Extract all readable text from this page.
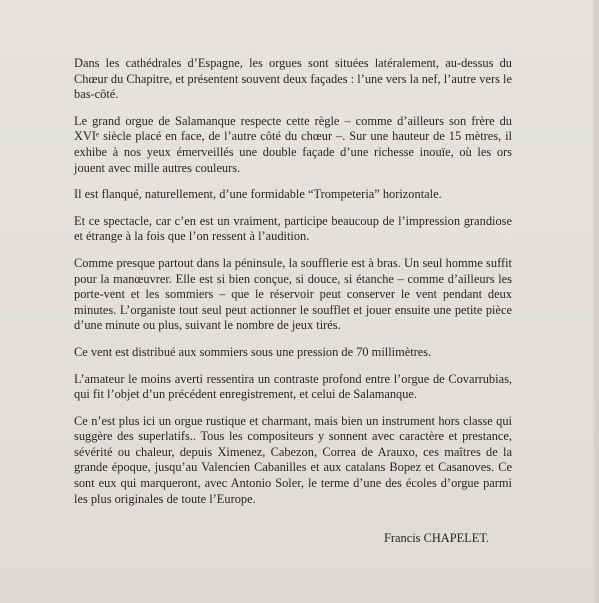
Dans les cathédrales d’Espagne, les orgues sont situées latéralement, au-dessus du Chœur du Chapitre, et présentent souvent deux façades : l’une vers la nef, l’autre vers le bas-côté.

Le grand orgue de Salamanque respecte cette règle – comme d’ailleurs son frère du XVIᵉ siècle placé en face, de l’autre côté du chœur –. Sur une hauteur de 15 mètres, il exhibe à nos yeux émerveillés une double façade d’une richesse inouïe, où les ors jouent avec mille autres couleurs.

Il est flanqué, naturellement, d’une formidable “Trompeteria” horizontale.

Et ce spectacle, car c’en est un vraiment, participe beaucoup de l’impression grandiose et étrange à la fois que l’on ressent à l’audition.

Comme presque partout dans la péninsule, la soufflerie est à bras. Un seul homme suffit pour la manœuvrer. Elle est si bien conçue, si douce, si étanche – comme d’ailleurs les porte-vent et les sommiers – que le réservoir peut conserver le vent pendant deux minutes. L’organiste tout seul peut actionner le soufflet et jouer ensuite une petite pièce d’une minute ou plus, suivant le nombre de jeux tirés.

Ce vent est distribué aux sommiers sous une pression de 70 millimètres.

L’amateur le moins averti ressentira un contraste profond entre l’orgue de Covarrubias, qui fit l’objet d’un précédent enregistrement, et celui de Salamanque.

Ce n’est plus ici un orgue rustique et charmant, mais bien un instrument hors classe qui suggère des superlatifs.. Tous les compositeurs y sonnent avec caractère et prestance, sévérité ou chaleur, depuis Ximenez, Cabezon, Correa de Arauxo, ces maîtres de la grande époque, jusqu’au Valencien Cabanilles et aux catalans Bopez et Casanoves. Ce sont eux qui marqueront, avec Antonio Soler, le terme d’une des écoles d’orgue parmi les plus originales de toute l’Europe.

Francis CHAPELET.
